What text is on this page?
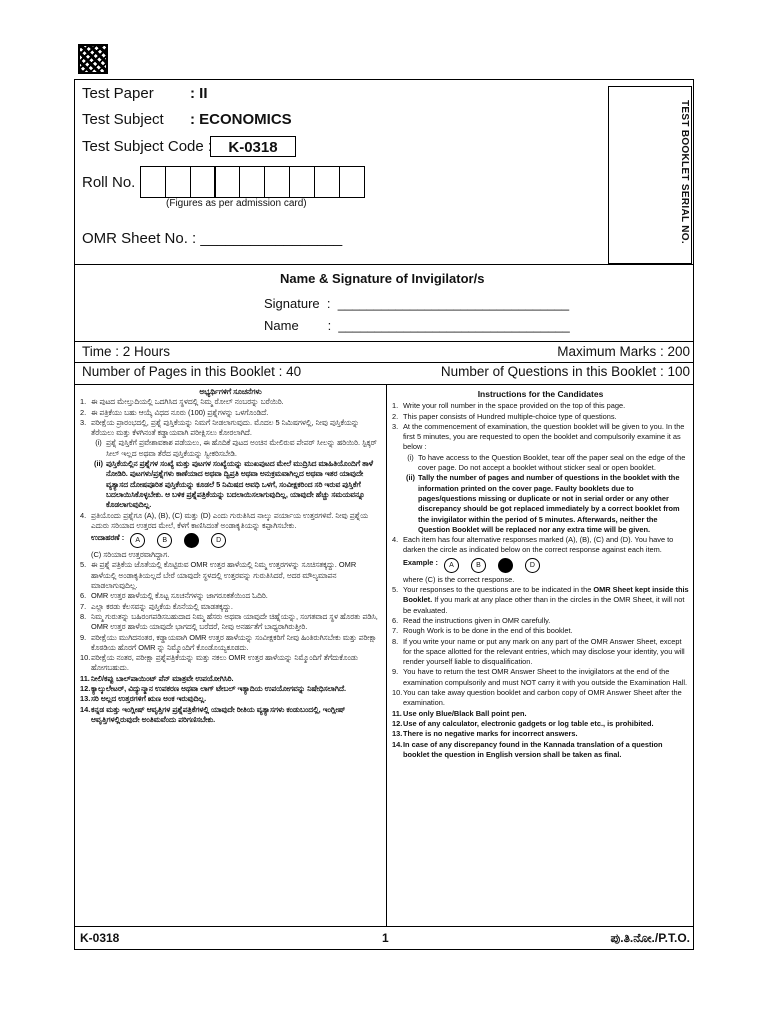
Test Paper : II
Test Subject : ECONOMICS
Test Subject Code :	K-0318
Roll No.
(Figures as per admission card)
OMR Sheet No. : _________________	TEST BOOKLET SERIAL NO.
Name & Signature of Invigilator/s
Signature  :  ________________________________
Name        :  ________________________________
Time : 2 Hours	Maximum Marks : 200
Number of Pages in this Booklet : 40	Number of Questions in this Booklet : 100

ಅಭ್ಯರ್ಥಿಗಳಿಗೆ ಸೂಚನೆಗಳು

1. ಈ ಪುಟದ ಮೇಲ್ತುದಿಯಲ್ಲಿ ಒದಗಿಸಿದ ಸ್ಥಳದಲ್ಲಿ ನಿಮ್ಮ ರೋಲ್ ನಂಬರನ್ನು ಬರೆಯಿರಿ.
2. ಈ ಪತ್ರಿಕೆಯು ಬಹು ಆಯ್ಕೆ ವಿಧದ ನೂರು (100) ಪ್ರಶ್ನೆಗಳನ್ನು ಒಳಗೊಂಡಿದೆ.
3. ಪರೀಕ್ಷೆಯ ಪ್ರಾರಂಭದಲ್ಲಿ, ಪ್ರಶ್ನೆ ಪುಸ್ತಿಕೆಯನ್ನು ನಿಮಗೆ ನೀಡಲಾಗುವುದು. ಮೊದಲ 5 ನಿಮಿಷಗಳಲ್ಲಿ, ನೀವು ಪುಸ್ತಿಕೆಯನ್ನು ತೆರೆಯಲು ಮತ್ತು ಕೆಳಗಿನಂತೆ ಕಡ್ಡಾಯವಾಗಿ ಪರೀಕ್ಷಿಸಲು ಕೋರಲಾಗಿದೆ.
(i) ಪ್ರಶ್ನೆ ಪುಸ್ತಿಕೆಗೆ ಪ್ರವೇಶಾವಕಾಶ ಪಡೆಯಲು, ಈ ಹೊದಿಕೆ ಪುಟದ ಅಂಚಿನ ಮೇಲಿರುವ ಪೇಪರ್ ಸೀಲನ್ನು ಹರಿಯಿರಿ. ಸ್ಟಿಕ್ಕರ್ ಸೀಲ್ ಇಲ್ಲದ ಅಥವಾ ತೆರೆದ ಪುಸ್ತಿಕೆಯನ್ನು ಸ್ವೀಕರಿಸಬೇಡಿ.
(ii) ಪುಸ್ತಿಕೆಯಲ್ಲಿನ ಪ್ರಶ್ನೆಗಳ ಸಂಖ್ಯೆ ಮತ್ತು ಪುಟಗಳ ಸಂಖ್ಯೆಯನ್ನು ಮುಖಪುಟದ ಮೇಲೆ ಮುದ್ರಿಸಿದ ಮಾಹಿತಿಯೊಂದಿಗೆ ತಾಳೆ ನೋಡಿರಿ. ಪುಟಗಳು/ಪ್ರಶ್ನೆಗಳು ಕಾಣೆಯಾದ ಅಥವಾ ದ್ವಿಪ್ರತಿ ಅಥವಾ ಅನುಕ್ರಮವಾಗಿಲ್ಲದ ಅಥವಾ ಇತರ ಯಾವುದೇ ವ್ಯತ್ಯಾಸದ ದೋಷಪೂರಿತ ಪುಸ್ತಿಕೆಯನ್ನು ಕೂಡಲೆ 5 ನಿಮಿಷದ ಅವಧಿ ಒಳಗೆ, ಸಂವೀಕ್ಷಕರಿಂದ ಸರಿ ಇರುವ ಪುಸ್ತಿಕೆಗೆ ಬದಲಾಯಿಸಿಕೊಳ್ಳಬೇಕು. ಆ ಬಳಿಕ ಪ್ರಶ್ನೆಪತ್ರಿಕೆಯನ್ನು ಬದಲಾಯಿಸಲಾಗುವುದಿಲ್ಲ, ಯಾವುದೇ ಹೆಚ್ಚು ಸಮಯವನ್ನೂ ಕೊಡಲಾಗುವುದಿಲ್ಲ.
4. ಪ್ರತಿಯೊಂದು ಪ್ರಶ್ನೆಗೂ (A), (B), (C) ಮತ್ತು (D) ಎಂದು ಗುರುತಿಸಿದ ನಾಲ್ಕು ಪರ್ಯಾಯ ಉತ್ತರಗಳಿವೆ. ನೀವು ಪ್ರಶ್ನೆಯ ಎದುರು ಸರಿಯಾದ ಉತ್ತರದ ಮೇಲೆ, ಕೆಳಗೆ ಕಾಣಿಸಿದಂತೆ ಅಂಡಾಕೃತಿಯನ್ನು ಕಪ್ಪಾಗಿಸಬೇಕು.
ಉದಾಹರಣೆ :	A	B	C	D
(C) ಸರಿಯಾದ ಉತ್ತರವಾಗಿದ್ದಾಗ.
5. ಈ ಪ್ರಶ್ನೆ ಪತ್ರಿಕೆಯ ಜೊತೆಯಲ್ಲಿ ಕೊಟ್ಟಿರುವ OMR ಉತ್ತರ ಹಾಳೆಯಲ್ಲಿ ನಿಮ್ಮ ಉತ್ತರಗಳನ್ನು ಸೂಚಿಸತಕ್ಕದ್ದು. OMR ಹಾಳೆಯಲ್ಲಿ ಅಂಡಾಕೃತಿಯಲ್ಲದೆ ಬೇರೆ ಯಾವುದೇ ಸ್ಥಳದಲ್ಲಿ ಉತ್ತರವನ್ನು ಗುರುತಿಸಿದರೆ, ಅದರ ಮೌಲ್ಯಮಾಪನ ಮಾಡಲಾಗುವುದಿಲ್ಲ.
6. OMR ಉತ್ತರ ಹಾಳೆಯಲ್ಲಿ ಕೊಟ್ಟ ಸೂಚನೆಗಳನ್ನು ಜಾಗರೂಕತೆಯಿಂದ ಓದಿರಿ.
7. ಎಲ್ಲಾ ಕರಡು ಕೆಲಸವನ್ನು ಪುಸ್ತಿಕೆಯ ಕೊನೆಯಲ್ಲಿ ಮಾಡತಕ್ಕದ್ದು.
8. ನಿಮ್ಮ ಗುರುತನ್ನು ಬಹಿರಂಗಪಡಿಸಬಹುದಾದ ನಿಮ್ಮ ಹೆಸರು ಅಥವಾ ಯಾವುದೇ ಚಿಹ್ನೆಯನ್ನು, ಸಂಗತವಾದ ಸ್ಥಳ ಹೊರತು ಪಡಿಸಿ, OMR ಉತ್ತರ ಹಾಳೆಯ ಯಾವುದೇ ಭಾಗದಲ್ಲಿ ಬರೆದರೆ, ನೀವು ಅನರ್ಹತೆಗೆ ಬಾಧ್ಯರಾಗಿರುತ್ತೀರಿ.
9. ಪರೀಕ್ಷೆಯು ಮುಗಿದನಂತರ, ಕಡ್ಡಾಯವಾಗಿ OMR ಉತ್ತರ ಹಾಳೆಯನ್ನು ಸಂವೀಕ್ಷಕರಿಗೆ ನೀವು ಹಿಂತಿರುಗಿಸಬೇಕು ಮತ್ತು ಪರೀಕ್ಷಾ ಕೊಠಡಿಯ ಹೊರಗೆ OMR ನ್ನು ನಿಮ್ಮೊಂದಿಗೆ ಕೊಂಡೊಯ್ಯಕೂಡದು.
10. ಪರೀಕ್ಷೆಯ ನಂತರ, ಪರೀಕ್ಷಾ ಪ್ರಶ್ನೆಪತ್ರಿಕೆಯನ್ನು ಮತ್ತು ನಕಲು OMR ಉತ್ತರ ಹಾಳೆಯನ್ನು ನಿಮ್ಮೊಂದಿಗೆ ತೆಗೆದುಕೊಂಡು ಹೋಗಬಹುದು.
11. ನೀಲಿ/ಕಪ್ಪು ಬಾಲ್‌ಪಾಯಿಂಟ್ ಪೆನ್ ಮಾತ್ರವೇ ಉಪಯೋಗಿಸಿರಿ.
12. ಕ್ಯಾಲ್ಕುಲೇಟರ್, ವಿದ್ಯುನ್ಮಾನ ಉಪಕರಣ ಅಥವಾ ಲಾಗ್ ಟೇಬಲ್ ಇತ್ಯಾದಿಯ ಉಪಯೋಗವನ್ನು ನಿಷೇಧಿಸಲಾಗಿದೆ.
13. ಸರಿ ಅಲ್ಲದ ಉತ್ತರಗಳಿಗೆ ಋಣ ಅಂಕ ಇರುವುದಿಲ್ಲ.
14. ಕನ್ನಡ ಮತ್ತು ಇಂಗ್ಲೀಷ್ ಆವೃತ್ತಿಗಳ ಪ್ರಶ್ನೆಪತ್ರಿಕೆಗಳಲ್ಲಿ ಯಾವುದೇ ರೀತಿಯ ವ್ಯತ್ಯಾಸಗಳು ಕಂಡುಬಂದಲ್ಲಿ, ಇಂಗ್ಲೀಷ್ ಆವೃತ್ತಿಗಳಲ್ಲಿರುವುದೇ ಅಂತಿಮವೆಂದು ಪರಿಗಣಿಸಬೇಕು.

Instructions for the Candidates

1. Write your roll number in the space provided on the top of this page.
2. This paper consists of Hundred multiple-choice type of questions.
3. At the commencement of examination, the question booklet will be given to you. In the first 5 minutes, you are requested to open the booklet and compulsorily examine it as below :
(i) To have access to the Question Booklet, tear off the paper seal on the edge of the cover page. Do not accept a booklet without sticker seal or open booklet.
(ii) Tally the number of pages and number of questions in the booklet with the information printed on the cover page. Faulty booklets due to pages/questions missing or duplicate or not in serial order or any other discrepancy should be got replaced immediately by a correct booklet from the invigilator within the period of 5 minutes. Afterwards, neither the Question Booklet will be replaced nor any extra time will be given.
4. Each item has four alternative responses marked (A), (B), (C) and (D). You have to darken the circle as indicated below on the correct response against each item.
Example :	A	B	C	D
where (C) is the correct response.
5. Your responses to the questions are to be indicated in the OMR Sheet kept inside this Booklet. If you mark at any place other than in the circles in the OMR Sheet, it will not be evaluated.
6. Read the instructions given in OMR carefully.
7. Rough Work is to be done in the end of this booklet.
8. If you write your name or put any mark on any part of the OMR Answer Sheet, except for the space allotted for the relevant entries, which may disclose your identity, you will render yourself liable to disqualification.
9. You have to return the test OMR Answer Sheet to the invigilators at the end of the examination compulsorily and must NOT carry it with you outside the Examination Hall.
10. You can take away question booklet and carbon copy of OMR Answer Sheet after the examination.
11. Use only Blue/Black Ball point pen.
12. Use of any calculator, electronic gadgets or log table etc., is prohibited.
13. There is no negative marks for incorrect answers.
14. In case of any discrepancy found in the Kannada translation of a question booklet the question in English version shall be taken as final.
K-0318	1	ಪು.ತಿ.ನೋ./P.T.O.
